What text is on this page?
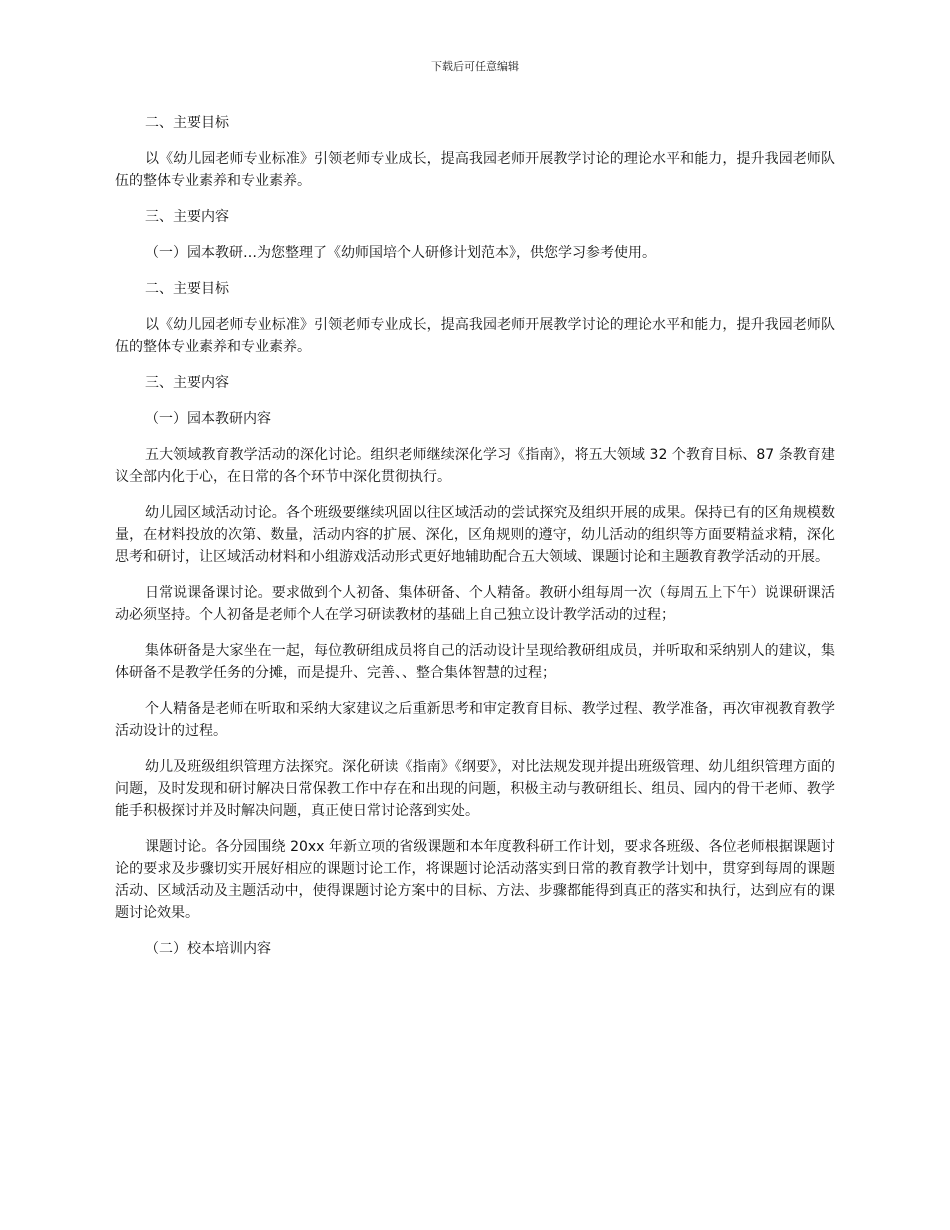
下载后可任意编辑

二、主要目标

以《幼儿园老师专业标准》引领老师专业成长，提高我园老师开展教学讨论的理论水平和能力，提升我园老师队伍的整体专业素养和专业素养。

三、主要内容

（一）园本教研…为您整理了《幼师国培个人研修计划范本》，供您学习参考使用。

二、主要目标

以《幼儿园老师专业标准》引领老师专业成长，提高我园老师开展教学讨论的理论水平和能力，提升我园老师队伍的整体专业素养和专业素养。

三、主要内容

（一）园本教研内容

五大领域教育教学活动的深化讨论。组织老师继续深化学习《指南》，将五大领域 32 个教育目标、87 条教育建议全部内化于心，在日常的各个环节中深化贯彻执行。

幼儿园区域活动讨论。各个班级要继续巩固以往区域活动的尝试探究及组织开展的成果。保持已有的区角规模数量，在材料投放的次第、数量，活动内容的扩展、深化，区角规则的遵守，幼儿活动的组织等方面要精益求精，深化思考和研讨，让区域活动材料和小组游戏活动形式更好地辅助配合五大领域、课题讨论和主题教育教学活动的开展。

日常说课备课讨论。要求做到个人初备、集体研备、个人精备。教研小组每周一次（每周五上下午）说课研课活动必须坚持。个人初备是老师个人在学习研读教材的基础上自己独立设计教学活动的过程；

集体研备是大家坐在一起，每位教研组成员将自己的活动设计呈现给教研组成员，并听取和采纳别人的建议，集体研备不是教学任务的分摊，而是提升、完善、、整合集体智慧的过程；

个人精备是老师在听取和采纳大家建议之后重新思考和审定教育目标、教学过程、教学准备，再次审视教育教学活动设计的过程。

幼儿及班级组织管理方法探究。深化研读《指南》《纲要》，对比法规发现并提出班级管理、幼儿组织管理方面的问题，及时发现和研讨解决日常保教工作中存在和出现的问题，积极主动与教研组长、组员、园内的骨干老师、教学能手积极探讨并及时解决问题，真正使日常讨论落到实处。

课题讨论。各分园围绕 20xx 年新立项的省级课题和本年度教科研工作计划，要求各班级、各位老师根据课题讨论的要求及步骤切实开展好相应的课题讨论工作，将课题讨论活动落实到日常的教育教学计划中，贯穿到每周的课题活动、区域活动及主题活动中，使得课题讨论方案中的目标、方法、步骤都能得到真正的落实和执行，达到应有的课题讨论效果。

（二）校本培训内容
